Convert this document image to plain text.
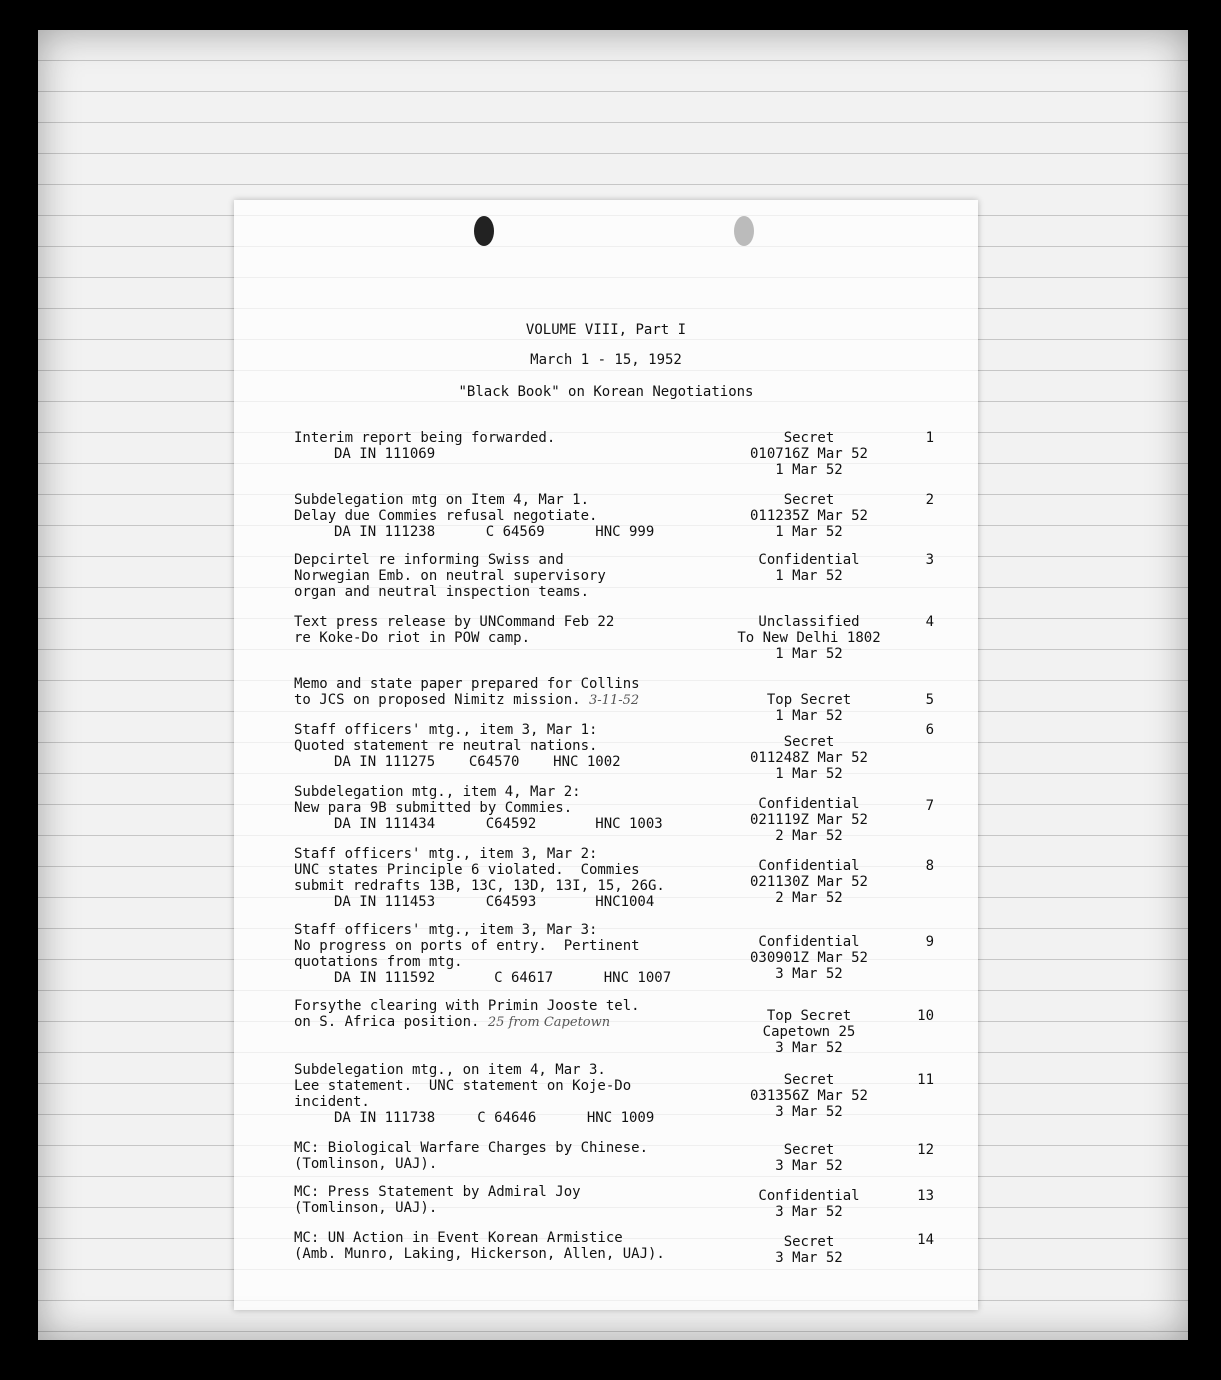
VOLUME VIII, Part I
March 1 - 15, 1952
"Black Book" on Korean Negotiations
Interim report being forwarded.
DA IN 111069
Secret
010716Z Mar 52
1 Mar 52
1
Subdelegation mtg on Item 4, Mar 1.
Delay due Commies refusal negotiate.
DA IN 111238      C 64569      HNC 999
Secret
011235Z Mar 52
1 Mar 52
2
Depcirtel re informing Swiss and
Norwegian Emb. on neutral supervisory
organ and neutral inspection teams.
Confidential
1 Mar 52
3
Text press release by UNCommand Feb 22
re Koke-Do riot in POW camp.
Unclassified
To New Delhi 1802
1 Mar 52
4
Memo and state paper prepared for Collins
to JCS on proposed Nimitz mission. 3-11-52	Top Secret
1 Mar 52
5
Staff officers' mtg., item 3, Mar 1:
Quoted statement re neutral nations.
DA IN 111275    C64570    HNC 1002
Secret
011248Z Mar 52
1 Mar 52
6
Subdelegation mtg., item 4, Mar 2:
New para 9B submitted by Commies.
DA IN 111434      C64592       HNC 1003
Confidential
021119Z Mar 52
2 Mar 52
7
Staff officers' mtg., item 3, Mar 2:
UNC states Principle 6 violated.  Commies
submit redrafts 13B, 13C, 13D, 13I, 15, 26G.
DA IN 111453      C64593       HNC1004
Confidential
021130Z Mar 52
2 Mar 52
8
Staff officers' mtg., item 3, Mar 3:
No progress on ports of entry.  Pertinent
quotations from mtg.
DA IN 111592       C 64617      HNC 1007
Confidential
030901Z Mar 52
3 Mar 52
9
Forsythe clearing with Primin Jooste tel.
on S. Africa position. 25 from Capetown	Top Secret
Capetown 25
3 Mar 52
10
Subdelegation mtg., on item 4, Mar 3.
Lee statement.  UNC statement on Koje-Do
incident.
DA IN 111738     C 64646      HNC 1009
Secret
031356Z Mar 52
3 Mar 52
11
MC: Biological Warfare Charges by Chinese.
(Tomlinson, UAJ).
Secret
3 Mar 52
12
MC: Press Statement by Admiral Joy
(Tomlinson, UAJ).
Confidential
3 Mar 52
13
MC: UN Action in Event Korean Armistice
(Amb. Munro, Laking, Hickerson, Allen, UAJ).
Secret
3 Mar 52
14
